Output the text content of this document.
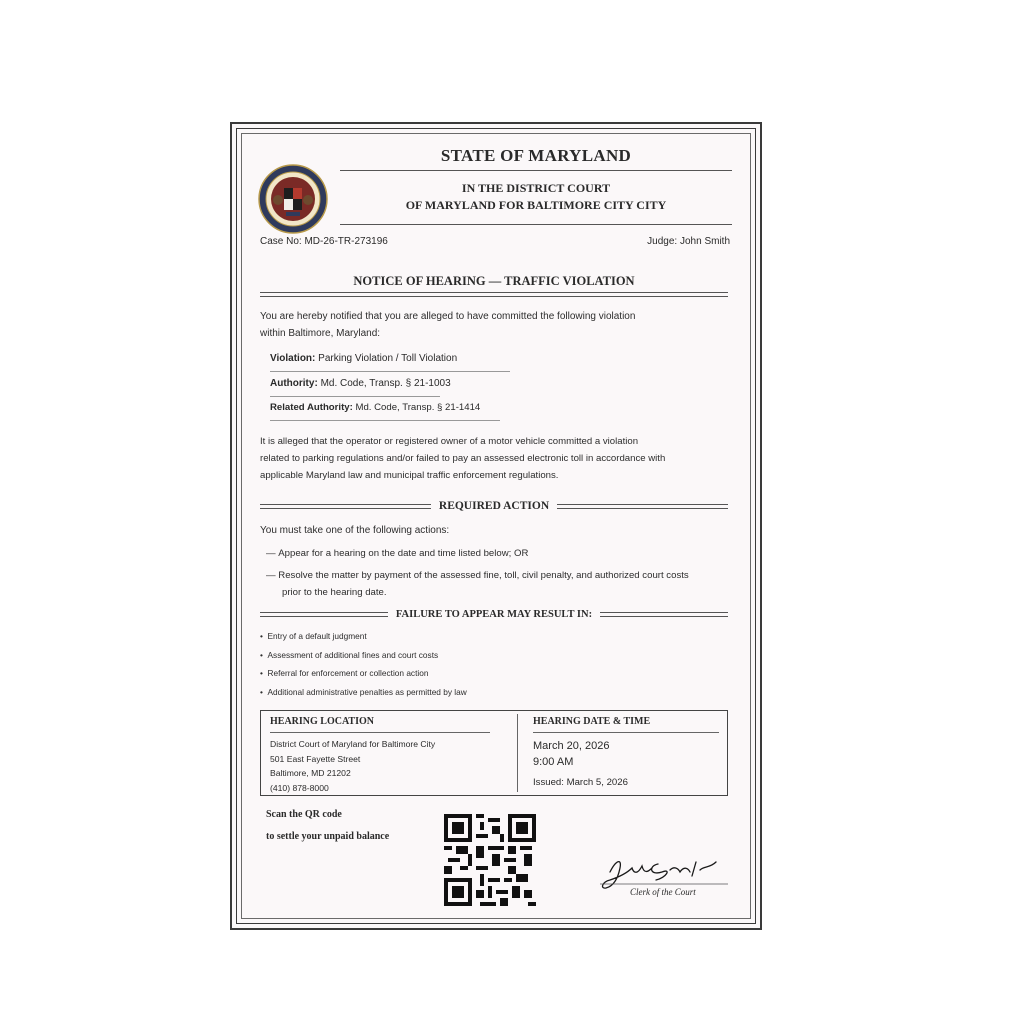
STATE OF MARYLAND
IN THE DISTRICT COURT
OF MARYLAND FOR BALTIMORE CITY CITY
Case No: MD-26-TR-273196	Judge: John Smith
NOTICE OF HEARING — TRAFFIC VIOLATION
You are hereby notified that you are alleged to have committed the following violation
within Baltimore, Maryland:
Violation: Parking Violation / Toll Violation
Authority: Md. Code, Transp. § 21-1003
Related Authority: Md. Code, Transp. § 21-1414
It is alleged that the operator or registered owner of a motor vehicle committed a violation
related to parking regulations and/or failed to pay an assessed electronic toll in accordance with
applicable Maryland law and municipal traffic enforcement regulations.
REQUIRED ACTION
You must take one of the following actions:
— Appear for a hearing on the date and time listed below; OR
— Resolve the matter by payment of the assessed fine, toll, civil penalty, and authorized court costs
prior to the hearing date.
FAILURE TO APPEAR MAY RESULT IN:
•  Entry of a default judgment
•  Assessment of additional fines and court costs
•  Referral for enforcement or collection action
•  Additional administrative penalties as permitted by law
HEARING LOCATION
District Court of Maryland for Baltimore City
501 East Fayette Street
Baltimore, MD 21202
(410) 878-8000
HEARING DATE & TIME
March 20, 2026
9:00 AM
Issued: March 5, 2026
Scan the QR code
to settle your unpaid balance
Clerk of the Court
